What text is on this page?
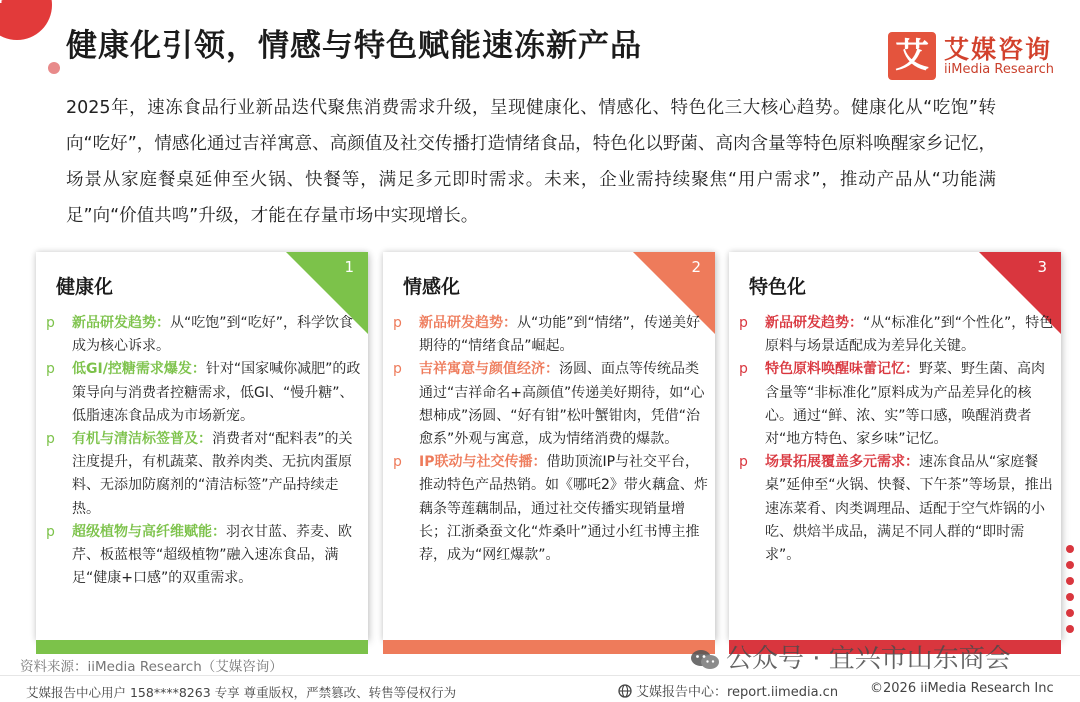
健康化引领，情感与特色赋能速冻新产品	艾 艾媒咨询
iiMedia Research
2025年，速冻食品行业新品迭代聚焦消费需求升级，呈现健康化、情感化、特色化三大核心趋势。健康化从“吃饱”转向“吃好”，情感化通过吉祥寓意、高颜值及社交传播打造情绪食品，特色化以野菌、高肉含量等特色原料唤醒家乡记忆，场景从家庭餐桌延伸至火锅、快餐等，满足多元即时需求。未来，企业需持续聚焦“用户需求”，推动产品从“功能满足”向“价值共鸣”升级，才能在存量市场中实现增长。
1
健康化
p 新品研发趋势：从“吃饱”到“吃好”，科学饮食成为核心诉求。
p 低GI/控糖需求爆发：针对“国家喊你减肥”的政策导向与消费者控糖需求，低GI、“慢升糖”、低脂速冻食品成为市场新宠。
p 有机与清洁标签普及：消费者对“配料表”的关注度提升，有机蔬菜、散养肉类、无抗肉蛋原料、无添加防腐剂的“清洁标签”产品持续走热。
p 超级植物与高纤维赋能：羽衣甘蓝、荞麦、欧芹、板蓝根等“超级植物”融入速冻食品，满足“健康+口感”的双重需求。
2
情感化
p 新品研发趋势：从“功能”到“情绪”，传递美好期待的“情绪食品”崛起。
p 吉祥寓意与颜值经济：汤圆、面点等传统品类通过“吉祥命名+高颜值”传递美好期待，如“心想柿成”汤圆、“好有钳”松叶蟹钳肉，凭借“治愈系”外观与寓意，成为情绪消费的爆款。
p IP联动与社交传播：借助顶流IP与社交平台，推动特色产品热销。如《哪吒2》带火藕盒、炸藕条等莲藕制品，通过社交传播实现销量增长；江浙桑蚕文化“炸桑叶”通过小红书博主推荐，成为“网红爆款”。
3
特色化
p 新品研发趋势：“从“标准化”到“个性化”，特色原料与场景适配成为差异化关键。
p 特色原料唤醒味蕾记忆：野菜、野生菌、高肉含量等“非标准化”原料成为产品差异化的核心。通过“鲜、浓、实”等口感，唤醒消费者对“地方特色、家乡味”记忆。
p 场景拓展覆盖多元需求：速冻食品从“家庭餐桌”延伸至“火锅、快餐、下午茶”等场景，推出速冻菜肴、肉类调理品、适配于空气炸锅的小吃、烘焙半成品，满足不同人群的“即时需求”。
资料来源：iiMedia Research（艾媒咨询）	公众号 · 宜兴市山东商会
艾媒报告中心用户 158****8263 专享 尊重版权，严禁篡改、转售等侵权行为	艾媒报告中心：report.iimedia.cn ©2026 iiMedia Research Inc
